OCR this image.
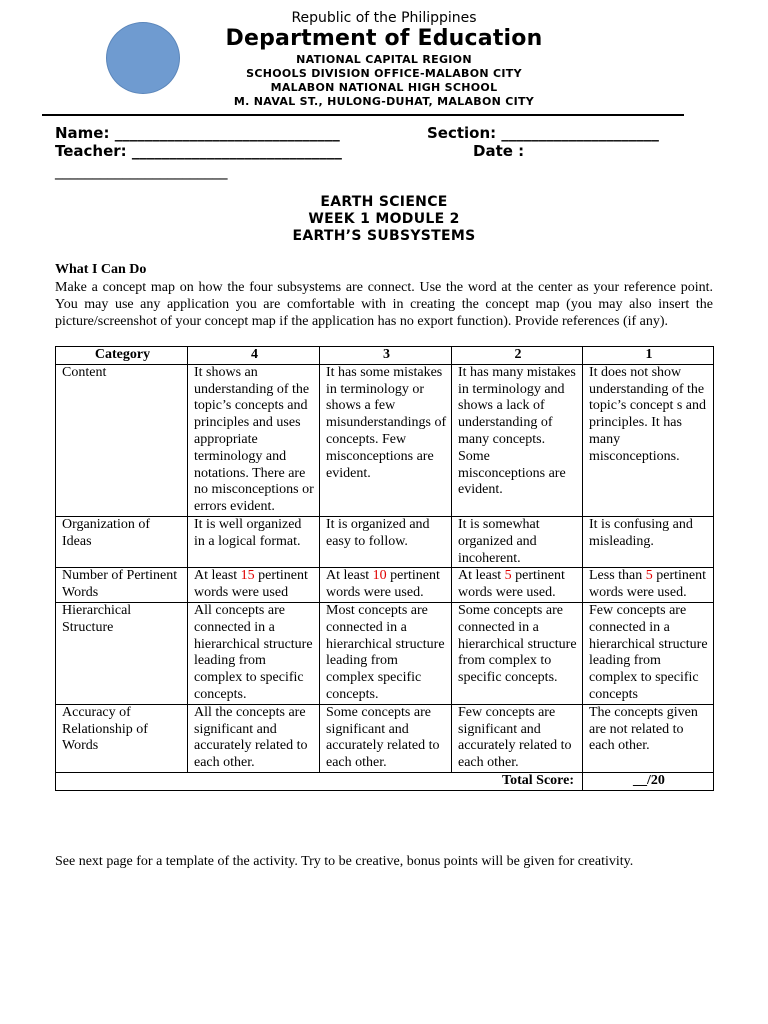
Republic of the Philippines
Department of Education
NATIONAL CAPITAL REGION
SCHOOLS DIVISION OFFICE-MALABON CITY
MALABON NATIONAL HIGH SCHOOL
M. NAVAL ST., HULONG-DUHAT, MALABON CITY
Name: ______________________________	Section: _____________________
Teacher: ____________________________	Date :
_______________________
EARTH SCIENCE
WEEK 1 MODULE 2
EARTH’S SUBSYSTEMS
What I Can Do
Make a concept map on how the four subsystems are connect. Use the word at the center as your reference point. You may use any application you are comfortable with in creating the concept map (you may also insert the picture/screenshot of your concept map if the application has no export function). Provide references (if any).
Category	4	3	2	1
Content	It shows an understanding of the topic’s concepts and principles and uses appropriate terminology and notations. There are no misconceptions or errors evident.	It has some mistakes in terminology or shows a few misunderstandings of concepts. Few misconceptions are evident.	It has many mistakes in terminology and shows a lack of understanding of many concepts. Some misconceptions are evident.	It does not show understanding of the topic’s concept s and principles. It has many misconceptions.
Organization of Ideas	It is well organized in a logical format.	It is organized and easy to follow.	It is somewhat organized and incoherent.	It is confusing and misleading.
Number of Pertinent Words	At least 15 pertinent words were used	At least 10 pertinent words were used.	At least 5 pertinent words were used.	Less than 5 pertinent words were used.
Hierarchical Structure	All concepts are connected in a hierarchical structure leading from complex to specific concepts.	Most concepts are connected in a hierarchical structure leading from complex specific concepts.	Some concepts are connected in a hierarchical structure from complex to specific concepts.	Few concepts are connected in a hierarchical structure leading from complex to specific concepts
Accuracy of Relationship of Words	All the concepts are significant and accurately related to each other.	Some concepts are significant and accurately related to each other.	Few concepts are significant and accurately related to each other.	The concepts given are not related to each other.
Total Score:				__/20
See next page for a template of the activity. Try to be creative, bonus points will be given for creativity.
